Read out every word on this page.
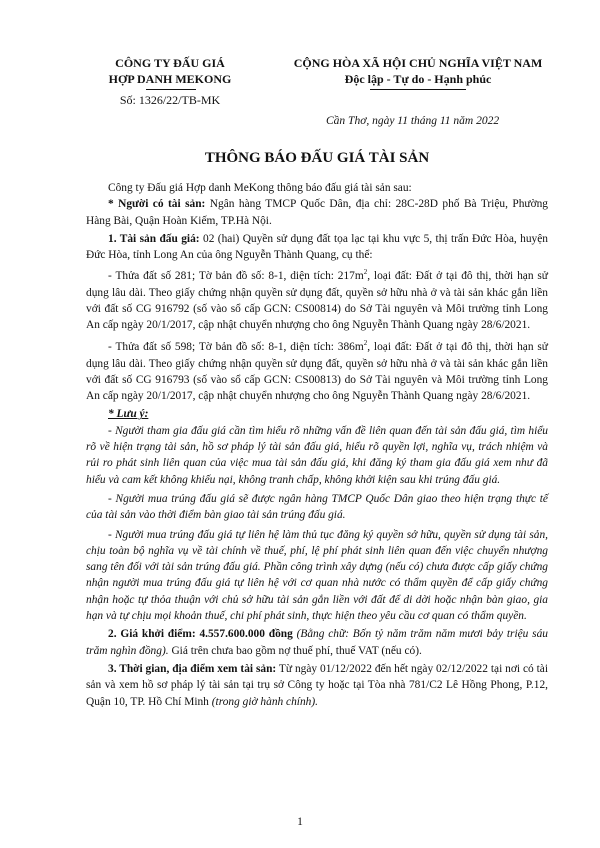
CÔNG TY ĐẤU GIÁ
HỢP DANH MEKONG
Số: 1326/22/TB-MK
CỘNG HÒA XÃ HỘI CHỦ NGHĨA VIỆT NAM
Độc lập - Tự do - Hạnh phúc
Cần Thơ, ngày 11 tháng 11 năm 2022
THÔNG BÁO ĐẤU GIÁ TÀI SẢN

Công ty Đấu giá Hợp danh MeKong thông báo đấu giá tài sản sau:

* Người có tài sản: Ngân hàng TMCP Quốc Dân, địa chỉ: 28C-28D phố Bà Triệu, Phường Hàng Bài, Quận Hoàn Kiếm, TP.Hà Nội.

1. Tài sản đấu giá: 02 (hai) Quyền sử dụng đất tọa lạc tại khu vực 5, thị trấn Đức Hòa, huyện Đức Hòa, tỉnh Long An của ông Nguyễn Thành Quang, cụ thể:

- Thửa đất số 281; Tờ bản đồ số: 8-1, diện tích: $217m^2$, loại đất: Đất ở tại đô thị, thời hạn sử dụng lâu dài. Theo giấy chứng nhận quyền sử dụng đất, quyền sở hữu nhà ở và tài sản khác gắn liền với đất số CG 916792 (số vào sổ cấp GCN: CS00814) do Sở Tài nguyên và Môi trường tỉnh Long An cấp ngày 20/1/2017, cập nhật chuyển nhượng cho ông Nguyễn Thành Quang ngày 28/6/2021.

- Thửa đất số 598; Tờ bản đồ số: 8-1, diện tích: $386m^2$, loại đất: Đất ở tại đô thị, thời hạn sử dụng lâu dài. Theo giấy chứng nhận quyền sử dụng đất, quyền sở hữu nhà ở và tài sản khác gắn liền với đất số CG 916793 (số vào sổ cấp GCN: CS00813) do Sở Tài nguyên và Môi trường tỉnh Long An cấp ngày 20/1/2017, cập nhật chuyển nhượng cho ông Nguyễn Thành Quang ngày 28/6/2021.

* Lưu ý:

- Người tham gia đấu giá cần tìm hiểu rõ những vấn đề liên quan đến tài sản đấu giá, tìm hiểu rõ về hiện trạng tài sản, hồ sơ pháp lý tài sản đấu giá, hiểu rõ quyền lợi, nghĩa vụ, trách nhiệm và rủi ro phát sinh liên quan của việc mua tài sản đấu giá, khi đăng ký tham gia đấu giá xem như đã hiểu và cam kết không khiếu nại, không tranh chấp, không khởi kiện sau khi trúng đấu giá.

- Người mua trúng đấu giá sẽ được ngân hàng TMCP Quốc Dân giao theo hiện trạng thực tế của tài sản vào thời điểm bàn giao tài sản trúng đấu giá.

- Người mua trúng đấu giá tự liên hệ làm thủ tục đăng ký quyền sở hữu, quyền sử dụng tài sản, chịu toàn bộ nghĩa vụ về tài chính về thuế, phí, lệ phí phát sinh liên quan đến việc chuyển nhượng sang tên đối với tài sản trúng đấu giá. Phần công trình xây dựng (nếu có) chưa được cấp giấy chứng nhận người mua trúng đấu giá tự liên hệ với cơ quan nhà nước có thẩm quyền để cấp giấy chứng nhận hoặc tự thỏa thuận với chủ sở hữu tài sản gắn liền với đất để di dời hoặc nhận bàn giao, gia hạn và tự chịu mọi khoản thuế, chi phí phát sinh, thực hiện theo yêu cầu cơ quan có thẩm quyền.

2. Giá khởi điểm: 4.557.600.000 đồng (Bằng chữ: Bốn tỷ năm trăm năm mươi bảy triệu sáu trăm nghìn đồng). Giá trên chưa bao gồm nợ thuế phí, thuế VAT (nếu có).

3. Thời gian, địa điểm xem tài sản: Từ ngày 01/12/2022 đến hết ngày 02/12/2022 tại nơi có tài sản và xem hồ sơ pháp lý tài sản tại trụ sở Công ty hoặc tại Tòa nhà 781/C2 Lê Hồng Phong, P.12, Quận 10, TP. Hồ Chí Minh (trong giờ hành chính).

1
